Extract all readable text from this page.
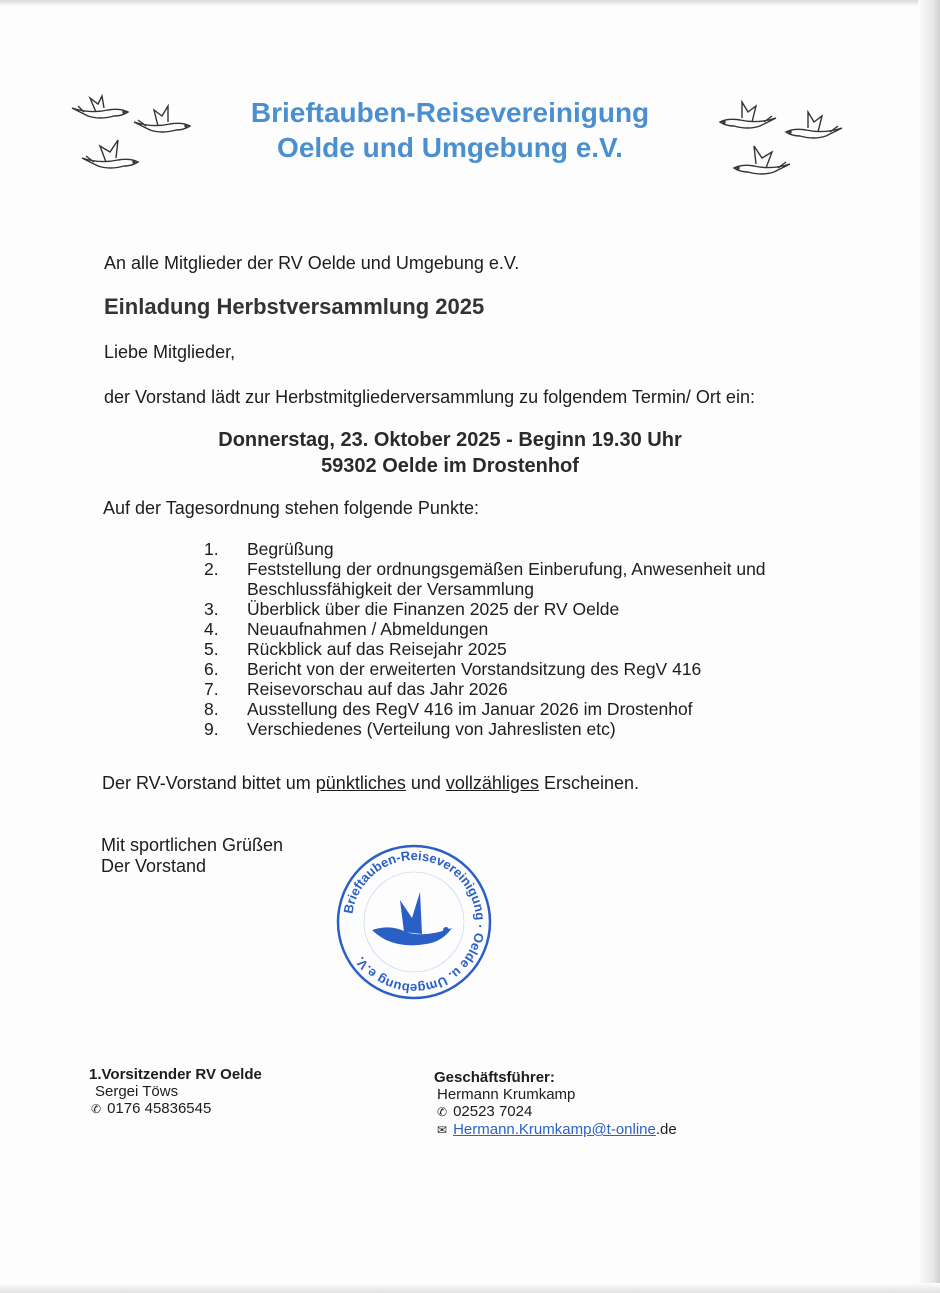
Brieftauben-Reisevereinigung
Oelde und Umgebung e.V.

An alle Mitglieder der RV Oelde und Umgebung e.V.

Einladung Herbstversammlung 2025

Liebe Mitglieder,

der Vorstand lädt zur Herbstmitgliederversammlung zu folgendem Termin/ Ort ein:

Donnerstag, 23. Oktober 2025 - Beginn 19.30 Uhr

59302 Oelde im Drostenhof

Auf der Tagesordnung stehen folgende Punkte:

1.	Begrüßung
2.	Feststellung der ordnungsgemäßen Einberufung, Anwesenheit und Beschlussfähigkeit der Versammlung
3.	Überblick über die Finanzen 2025 der RV Oelde
4.	Neuaufnahmen / Abmeldungen
5.	Rückblick auf das Reisejahr 2025
6.	Bericht von der erweiterten Vorstandsitzung des RegV 416
7.	Reisevorschau auf das Jahr 2026
8.	Ausstellung des RegV 416 im Januar 2026 im Drostenhof
9.	Verschiedenes (Verteilung von Jahreslisten etc)

Der RV-Vorstand bittet um pünktliches und vollzähliges Erscheinen.

Mit sportlichen Grüßen

Der Vorstand

Brieftauben-Reisevereinigung · Oelde u. Umgebung e.V.

1.Vorsitzender RV Oelde

Sergei Töws

✆ 0176 45836545

Geschäftsführer:

Hermann Krumkamp

✆ 02523 7024

✉ Hermann.Krumkamp@t-online.de
